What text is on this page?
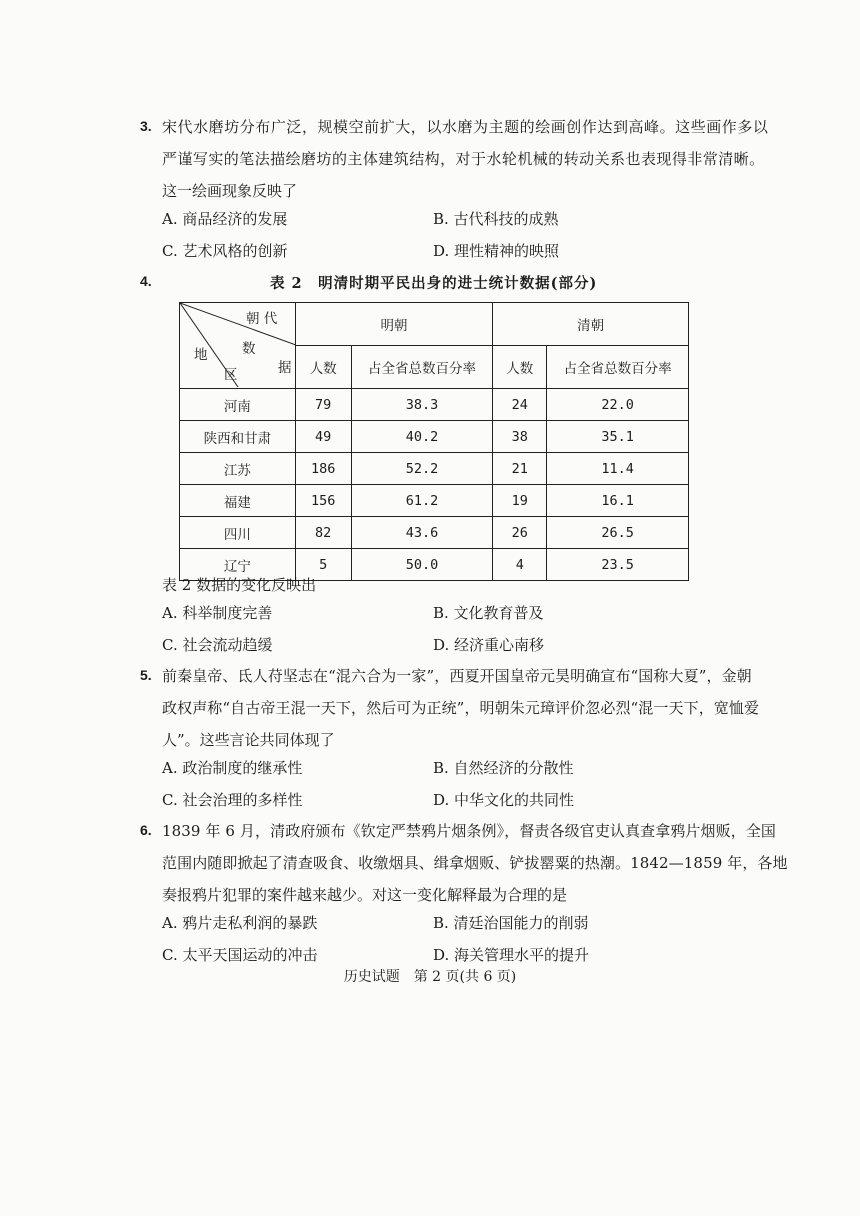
3. 宋代水磨坊分布广泛，规模空前扩大，以水磨为主题的绘画创作达到高峰。这些画作多以
严谨写实的笔法描绘磨坊的主体建筑结构，对于水轮机械的转动关系也表现得非常清晰。
这一绘画现象反映了
A. 商品经济的发展	B. 古代科技的成熟
C. 艺术风格的创新	D. 理性精神的映照
4.	表 2　明清时期平民出身的进士统计数据(部分)
朝 代
数
据
地
区	明朝		清朝	
	人数	占全省总数百分率	人数	占全省总数百分率
河南	79	38.3	24	22.0
陕西和甘肃	49	40.2	38	35.1
江苏	186	52.2	21	11.4
福建	156	61.2	19	16.1
四川	82	43.6	26	26.5
辽宁	5	50.0	4	23.5
表 2 数据的变化反映出
A. 科举制度完善	B. 文化教育普及
C. 社会流动趋缓	D. 经济重心南移
5. 前秦皇帝、氐人苻坚志在“混六合为一家”，西夏开国皇帝元昊明确宣布“国称大夏”，金朝
政权声称“自古帝王混一天下，然后可为正统”，明朝朱元璋评价忽必烈“混一天下，宽恤爱
人”。这些言论共同体现了
A. 政治制度的继承性	B. 自然经济的分散性
C. 社会治理的多样性	D. 中华文化的共同性
6. 1839 年 6 月，清政府颁布《钦定严禁鸦片烟条例》，督责各级官吏认真查拿鸦片烟贩，全国
范围内随即掀起了清查吸食、收缴烟具、缉拿烟贩、铲拔罂粟的热潮。1842—1859 年，各地
奏报鸦片犯罪的案件越来越少。对这一变化解释最为合理的是
A. 鸦片走私利润的暴跌	B. 清廷治国能力的削弱
C. 太平天国运动的冲击	D. 海关管理水平的提升
历史试题　第 2 页(共 6 页)
